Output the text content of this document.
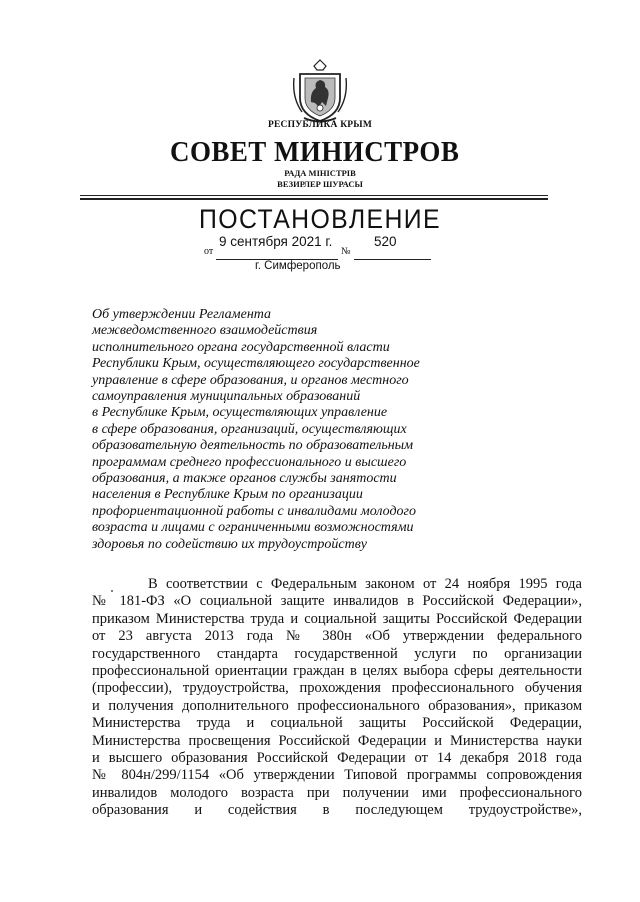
РЕСПУБЛИКА КРЫМ
СОВЕТ МИНИСТРОВ
РАДА МІНІСТРІВ
ВЕЗИРЛЕР ШУРАСЫ
ПОСТАНОВЛЕНИЕ
9 сентября 2021 г.	520
от	№
г. Симферополь
Об утверждении Регламента
межведомственного взаимодействия
исполнительного органа государственной власти
Республики Крым, осуществляющего государственное
управление в сфере образования, и органов местного
самоуправления муниципальных образований
в Республике Крым, осуществляющих управление
в сфере образования, организаций, осуществляющих
образовательную деятельность по образовательным
программам среднего профессионального и высшего
образования, а также органов службы занятости
населения в Республике Крым по организации
профориентационной работы с инвалидами молодого
возраста и лицами с ограниченными возможностями
здоровья по содействию их трудоустройству
В соответствии с Федеральным законом от 24 ноября 1995 года
№ 181-ФЗ «О социальной защите инвалидов в Российской Федерации»,
приказом Министерства труда и социальной защиты Российской Федерации
от 23 августа 2013 года № 380н «Об утверждении федерального
государственного стандарта государственной услуги по организации
профессиональной ориентации граждан в целях выбора сферы деятельности
(профессии), трудоустройства, прохождения профессионального обучения
и получения дополнительного профессионального образования», приказом
Министерства труда и социальной защиты Российской Федерации,
Министерства просвещения Российской Федерации и Министерства науки
и высшего образования Российской Федерации от 14 декабря 2018 года
№ 804н/299/1154 «Об утверждении Типовой программы сопровождения
инвалидов молодого возраста при получении ими профессионального
образования и содействия в последующем трудоустройстве»,
